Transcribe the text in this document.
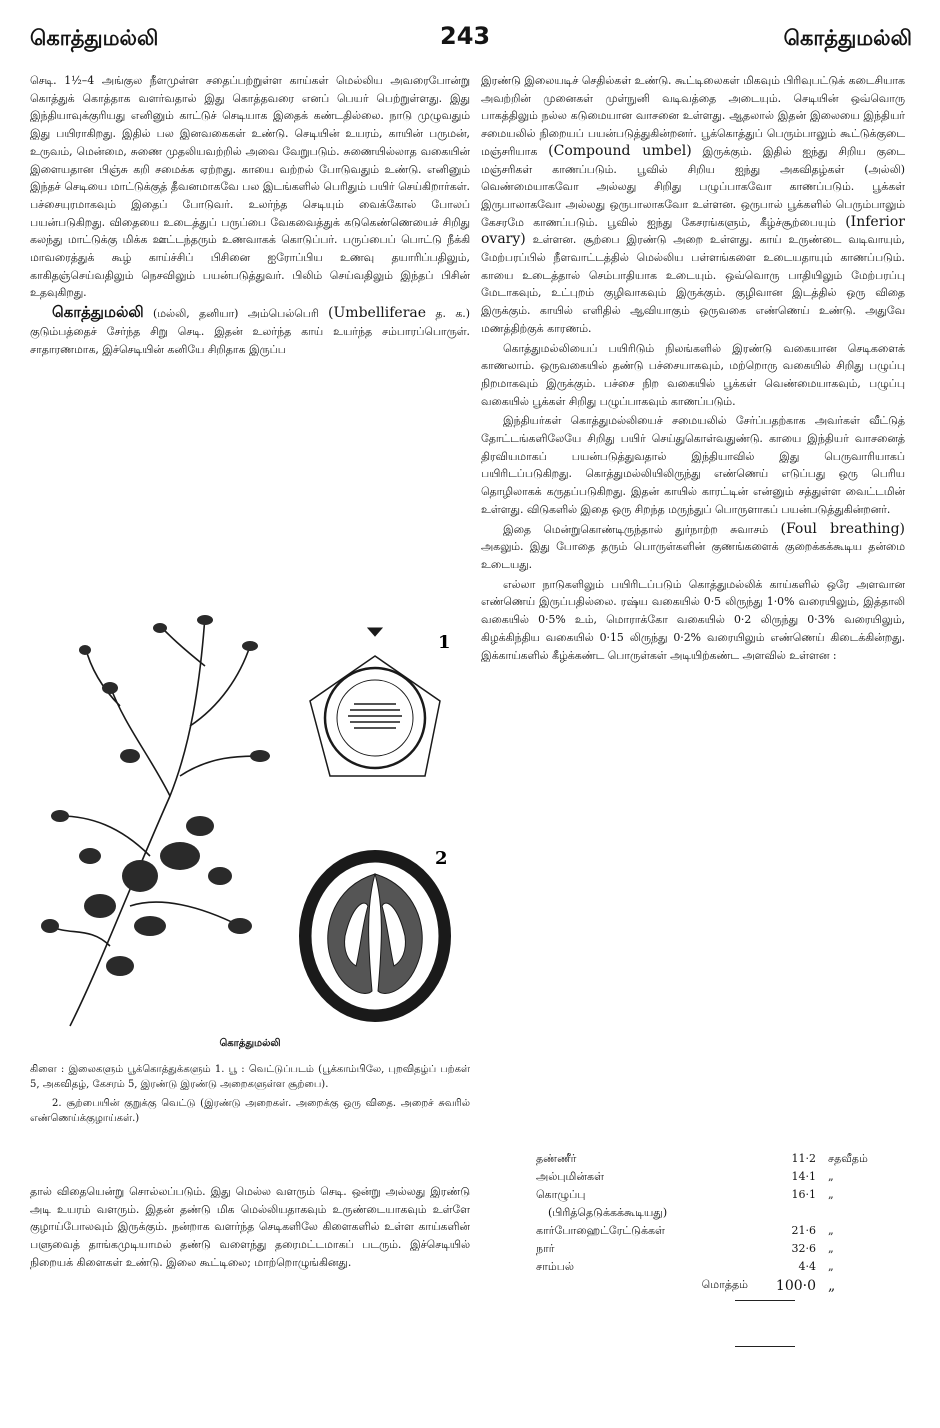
கொத்துமல்லி	243	கொத்துமல்லி

செடி. 1½–4 அங்குல நீளமுள்ள சதைப்பற்றுள்ள காய்கள் மெல்லிய அவரைபோன்று கொத்துக் கொத்தாக வளர்வதால் இது கொத்தவரை எனப் பெயர் பெற்றுள்ளது. இது இந்தியாவுக்குரியது எனினும் காட்டுச் செடியாக இதைக் கண்டதில்லை. நாடு முழுவதும் இது பயிராகிறது. இதில் பல இனவகைகள் உண்டு. செடியின் உயரம், காயின் பருமன், உருவம், மென்மை, சுணை முதலியவற்றில் அவை வேறுபடும். சுணையில்லாத வகையின் இளையதான பிஞ்சு கறி சமைக்க ஏற்றது. காயை வற்றல் போடுவதும் உண்டு. எனினும் இந்தச் செடியை மாட்டுக்குத் தீவனமாகவே பல இடங்களில் பெரிதும் பயிர் செய்கிறார்கள். பச்சையுரமாகவும் இதைப் போடுவர். உலர்ந்த செடியும் வைக்கோல் போலப் பயன்படுகிறது. விதையை உடைத்துப் பருப்பை வேகவைத்துக் கடுகெண்ணெயைச் சிறிது கலந்து மாட்டுக்கு மிக்க ஊட்டந்தரும் உணவாகக் கொடுப்பர். பருப்பைப் பொட்டு நீக்கி மாவரைத்துக் கூழ் காய்ச்சிப் பிசினை ஐரோப்பிய உணவு தயாரிப்பதிலும், காகிதஞ்செய்வதிலும் நெசவிலும் பயன்படுத்துவர். பிலிம் செய்வதிலும் இந்தப் பிசின் உதவுகிறது.

கொத்துமல்லி (மல்லி, தனியா) அம்பெல்பெரி (Umbelliferae த. க.) குடும்பத்தைச் சேர்ந்த சிறு செடி. இதன் உலர்ந்த காய் உயர்ந்த சம்பாரப்பொருள். சாதாரணமாக, இச்செடியின் கனியே சிறிதாக இருப்ப

1
2

கொத்துமல்லி

கிளை : இலைகளும் பூக்கொத்துக்களும் 1. பூ : வெட்டுப்படம் (பூக்காம்பிலே, புறவிதழ்ப் பற்கள் 5, அகவிதழ், கேசரம் 5, இரண்டு இரண்டு அறைகளுள்ள சூற்பை).

2. சூற்பையின் குறுக்கு வெட்டு (இரண்டு அறைகள். அறைக்கு ஒரு விதை. அறைச் சுவரில் எண்ணெய்க்குழாய்கள்.)

தால் விதையென்று சொல்லப்படும். இது மெல்ல வளரும் செடி. ஒன்று அல்லது இரண்டு அடி உயரம் வளரும். இதன் தண்டு மிக மெல்லியதாகவும் உருண்டையாகவும் உள்ளே குழாய்போலவும் இருக்கும். நன்றாக வளர்ந்த செடிகளிலே கிளைகளில் உள்ள காய்களின் பளுவைத் தாங்கமுடியாமல் தண்டு வளைந்து தரைமட்டமாகப் படரும். இச்செடியில் நிறையக் கிளைகள் உண்டு. இலை கூட்டிலை; மாற்றொழுங்கினது.

இரண்டு இலையடிச் செதில்கள் உண்டு. கூட்டிலைகள் மிகவும் பிரிவுபட்டுக் கடைசியாக அவற்றின் முனைகள் முள்நுனி வடிவத்தை அடையும். செடியின் ஒவ்வொரு பாகத்திலும் நல்ல கடுமையான வாசனை உள்ளது. ஆதலால் இதன் இலையை இந்தியர் சமையலில் நிறையப் பயன்படுத்துகின்றனர். பூக்கொத்துப் பெரும்பாலும் கூட்டுக்குடை மஞ்சரியாக (Compound umbel) இருக்கும். இதில் ஐந்து சிறிய குடை மஞ்சரிகள் காணப்படும். பூவில் சிறிய ஐந்து அகவிதழ்கள் (அல்லி) வெண்மையாகவோ அல்லது சிறிது பழுப்பாகவோ காணப்படும். பூக்கள் இருபாலாகவோ அல்லது ஒருபாலாகவோ உள்ளன. ஒருபால் பூக்களில் பெரும்பாலும் கேசரமே காணப்படும். பூவில் ஐந்து கேசரங்களும், கீழ்ச்சூற்பையும் (Inferior ovary) உள்ளன. சூற்பை இரண்டு அறை உள்ளது. காய் உருண்டை வடிவாயும், மேற்பரப்பில் நீளவாட்டத்தில் மெல்லிய பள்ளங்களை உடையதாயும் காணப்படும். காயை உடைத்தால் செம்பாதியாக உடையும். ஒவ்வொரு பாதியிலும் மேற்பரப்பு மேடாகவும், உட்புறம் குழிவாகவும் இருக்கும். குழிவான இடத்தில் ஒரு விதை இருக்கும். காயில் எளிதில் ஆவியாகும் ஒருவகை எண்ணெய் உண்டு. அதுவே மணத்திற்குக் காரணம்.

கொத்துமல்லியைப் பயிரிடும் நிலங்களில் இரண்டு வகையான செடிகளைக் காணலாம். ஒருவகையில் தண்டு பச்சையாகவும், மற்றொரு வகையில் சிறிது பழுப்பு நிறமாகவும் இருக்கும். பச்சை நிற வகையில் பூக்கள் வெண்மையாகவும், பழுப்பு வகையில் பூக்கள் சிறிது பழுப்பாகவும் காணப்படும்.

இந்தியர்கள் கொத்துமல்லியைச் சமையலில் சேர்ப்பதற்காக அவர்கள் வீட்டுத் தோட்டங்களிலேயே சிறிது பயிர் செய்துகொள்வதுண்டு. காயை இந்தியர் வாசனைத் திரவியமாகப் பயன்படுத்துவதால் இந்தியாவில் இது பெருவாரியாகப் பயிரிடப்படுகிறது. கொத்துமல்லியிலிருந்து எண்ணெய் எடுப்பது ஒரு பெரிய தொழிலாகக் கருதப்படுகிறது. இதன் காயில் காரட்டின் என்னும் சத்துள்ள வைட்டமின் உள்ளது. விடுகளில் இதை ஒரு சிறந்த மருந்துப் பொருளாகப் பயன்படுத்துகின்றனர்.

இதை மென்றுகொண்டிருந்தால் துர்நாற்ற சுவாசம் (Foul breathing) அகலும். இது போதை தரும் பொருள்களின் குணங்களைக் குறைக்கக்கூடிய தன்மை உடையது.

எல்லா நாடுகளிலும் பயிரிடப்படும் கொத்துமல்லிக் காய்களில் ஒரே அளவான எண்ணெய் இருப்பதில்லை. ரஷ்ய வகையில் 0·5 லிருந்து 1·0% வரையிலும், இத்தாலி வகையில் 0·5% உம், மொராக்கோ வகையில் 0·2 லிருந்து 0·3% வரையிலும், கிழக்கிந்திய வகையில் 0·15 லிருந்து 0·2% வரையிலும் எண்ணெய் கிடைக்கின்றது. இக்காய்களில் கீழ்க்கண்ட பொருள்கள் அடியிற்கண்ட அளவில் உள்ளன :

தண்ணீர்	11·2	சதவீதம்
அல்புமின்கள்	14·1	„
கொழுப்பு	16·1	„
(பிரித்தெடுக்கக்கூடியது)		
கார்போஹைட்ரேட்டுக்கள்	21·6	„
நார்	32·6	„
சாம்பல்	4·4	„
மொத்தம்	100·0	„
